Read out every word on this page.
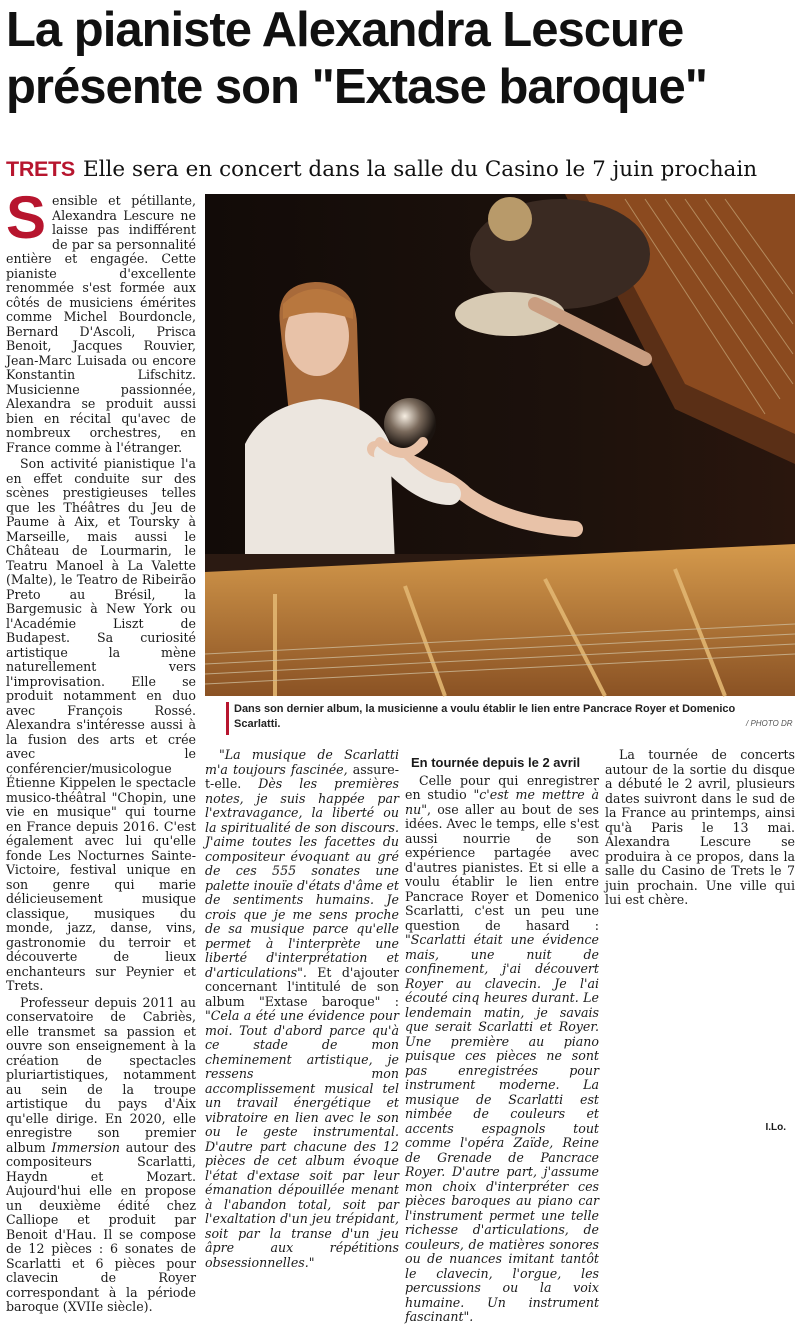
La pianiste Alexandra Lescure
présente son "Extase baroque"
TRETS Elle sera en concert dans la salle du Casino le 7 juin prochain

Sensible et pétillante, Alexandra Lescure ne laisse pas indifférent de par sa personnalité entière et engagée. Cette pianiste d'excellente renommée s'est formée aux côtés de musiciens émérites comme Michel Bourdoncle, Bernard D'Ascoli, Prisca Benoit, Jacques Rouvier, Jean-Marc Luisada ou encore Konstantin Lifschitz. Musicienne passionnée, Alexandra se produit aussi bien en récital qu'avec de nombreux orchestres, en France comme à l'étranger.

Son activité pianistique l'a en effet conduite sur des scènes prestigieuses telles que les Théâtres du Jeu de Paume à Aix, et Toursky à Marseille, mais aussi le Château de Lourmarin, le Teatru Manoel à La Valette (Malte), le Teatro de Ribeirão Preto au Brésil, la Bargemusic à New York ou l'Académie Liszt de Budapest. Sa curiosité artistique la mène naturellement vers l'improvisation. Elle se produit notamment en duo avec François Rossé. Alexandra s'intéresse aussi à la fusion des arts et crée avec le conférencier/musicologue Étienne Kippelen le spectacle musico-théâtral "Chopin, une vie en musique" qui tourne en France depuis 2016. C'est également avec lui qu'elle fonde Les Nocturnes Sainte-Victoire, festival unique en son genre qui marie délicieusement musique classique, musiques du monde, jazz, danse, vins, gastronomie du terroir et découverte de lieux enchanteurs sur Peynier et Trets.

Professeur depuis 2011 au conservatoire de Cabriès, elle transmet sa passion et ouvre son enseignement à la création de spectacles pluriartistiques, notamment au sein de la troupe artistique du pays d'Aix qu'elle dirige. En 2020, elle enregistre son premier album Immersion autour des compositeurs Scarlatti, Haydn et Mozart. Aujourd'hui elle en propose un deuxième édité chez Calliope et produit par Benoit d'Hau. Il se compose de 12 pièces : 6 sonates de Scarlatti et 6 pièces pour clavecin de Royer correspondant à la période baroque (XVIIe siècle).

Dans son dernier album, la musicienne a voulu établir le lien entre Pancrace Royer et Domenico Scarlatti.	/ PHOTO DR

"La musique de Scarlatti m'a toujours fascinée, assure-t-elle. Dès les premières notes, je suis happée par l'extravagance, la liberté ou la spiritualité de son discours. J'aime toutes les facettes du compositeur évoquant au gré de ces 555 sonates une palette inouïe d'états d'âme et de sentiments humains. Je crois que je me sens proche de sa musique parce qu'elle permet à l'interprète une liberté d'interprétation et d'articulations". Et d'ajouter concernant l'intitulé de son album "Extase baroque" : "Cela a été une évidence pour moi. Tout d'abord parce qu'à ce stade de mon cheminement artistique, je ressens mon accomplissement musical tel un travail énergétique et vibratoire en lien avec le son ou le geste instrumental. D'autre part chacune des 12 pièces de cet album évoque l'état d'extase soit par leur émanation dépouillée menant à l'abandon total, soit par l'exaltation d'un jeu trépidant, soit par la transe d'un jeu âpre aux répétitions obsessionnelles."

En tournée depuis le 2 avril

Celle pour qui enregistrer en studio "c'est me mettre à nu", ose aller au bout de ses idées. Avec le temps, elle s'est aussi nourrie de son expérience partagée avec d'autres pianistes. Et si elle a voulu établir le lien entre Pancrace Royer et Domenico Scarlatti, c'est un peu une question de hasard : "Scarlatti était une évidence mais, une nuit de confinement, j'ai découvert Royer au clavecin. Je l'ai écouté cinq heures durant. Le lendemain matin, je savais que serait Scarlatti et Royer. Une première au piano puisque ces pièces ne sont pas enregistrées pour instrument moderne. La musique de Scarlatti est nimbée de couleurs et accents espagnols tout comme l'opéra Zaïde, Reine de Grenade de Pancrace Royer. D'autre part, j'assume mon choix d'interpréter ces pièces baroques au piano car l'instrument permet une telle richesse d'articulations, de couleurs, de matières sonores ou de nuances imitant tantôt le clavecin, l'orgue, les percussions ou la voix humaine. Un instrument fascinant".

La tournée de concerts autour de la sortie du disque a débuté le 2 avril, plusieurs dates suivront dans le sud de la France au printemps, ainsi qu'à Paris le 13 mai. Alexandra Lescure se produira à ce propos, dans la salle du Casino de Trets le 7 juin prochain. Une ville qui lui est chère.

I.Lo.
